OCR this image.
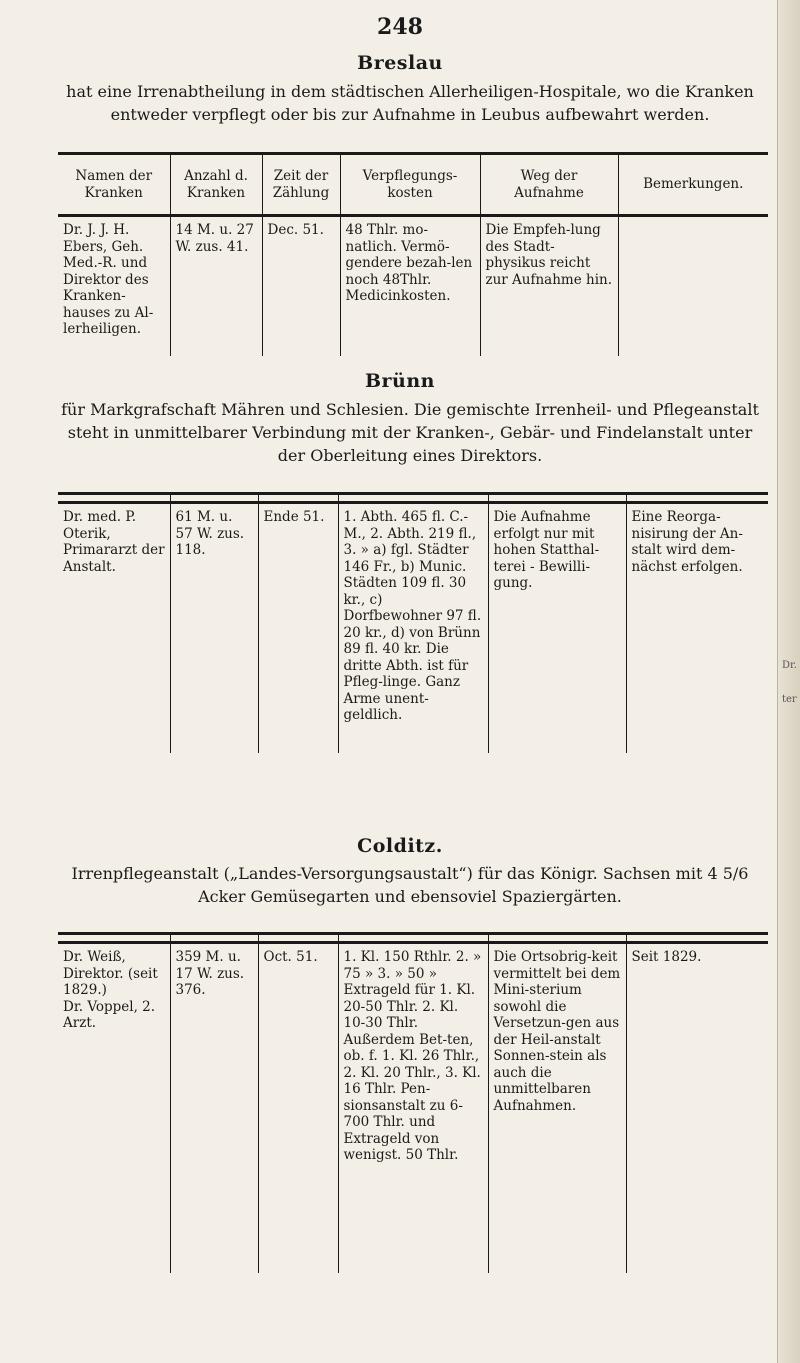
248
Breslau
hat eine Irrenabtheilung in dem städtischen Allerheiligen-Hospitale, wo die Kranken entweder verpflegt oder bis zur Aufnahme in Leubus aufbewahrt werden.
Namen der Kranken	Anzahl d. Kranken	Zeit der Zählung	Verpflegungs-kosten	Weg der Aufnahme	Bemerkungen.

Dr. J. J. H. Ebers, Geh. Med.-R. und Direktor des Kranken-hauses zu Al-lerheiligen.	14 M. u. 27 W. zus. 41.	Dec. 51.	48 Thlr. mo-natlich. Vermö-gendere bezah-len noch 48Thlr. Medicinkosten.	Die Empfeh-lung des Stadt-physikus reicht zur Aufnahme hin.	

Brünn
für Markgrafschaft Mähren und Schlesien. Die gemischte Irrenheil- und Pflegeanstalt steht in unmittelbarer Verbindung mit der Kranken-, Gebär- und Findelanstalt unter der Oberleitung eines Direktors.

Dr. med. P. Oterik, Primararzt der Anstalt.	61 M. u. 57 W. zus. 118.	Ende 51.	1. Abth. 465 fl. C.-M., 2. Abth. 219 fl., 3. » a) fgl. Städter 146 Fr., b) Munic. Städten 109 fl. 30 kr., c) Dorfbewohner 97 fl. 20 kr., d) von Brünn 89 fl. 40 kr. Die dritte Abth. ist für Pfleg-linge. Ganz Arme unent-geldlich.	Die Aufnahme erfolgt nur mit hohen Statthal-terei - Bewilli-gung.	Eine Reorga-nisirung der An-stalt wird dem-nächst erfolgen.
Colditz.
Irrenpflegeanstalt („Landes-Versorgungsaustalt“) für das Königr. Sachsen mit 4 5/6 Acker Gemüsegarten und ebensoviel Spaziergärten.

Dr. Weiß, Direktor. (seit 1829.)
Dr. Voppel, 2. Arzt.	359 M. u. 17 W. zus. 376.	Oct. 51.	1. Kl. 150 Rthlr. 2. » 75 » 3. » 50 » Extrageld für 1. Kl. 20-50 Thlr. 2. Kl. 10-30 Thlr. Außerdem Bet-ten, ob. f. 1. Kl. 26 Thlr., 2. Kl. 20 Thlr., 3. Kl. 16 Thlr. Pen-sionsanstalt zu 6-700 Thlr. und Extrageld von wenigst. 50 Thlr.	Die Ortsobrig-keit vermittelt bei dem Mini-sterium sowohl die Versetzun-gen aus der Heil-anstalt Sonnen-stein als auch die unmittelbaren Aufnahmen.	Seit 1829.
Dr.
ter
